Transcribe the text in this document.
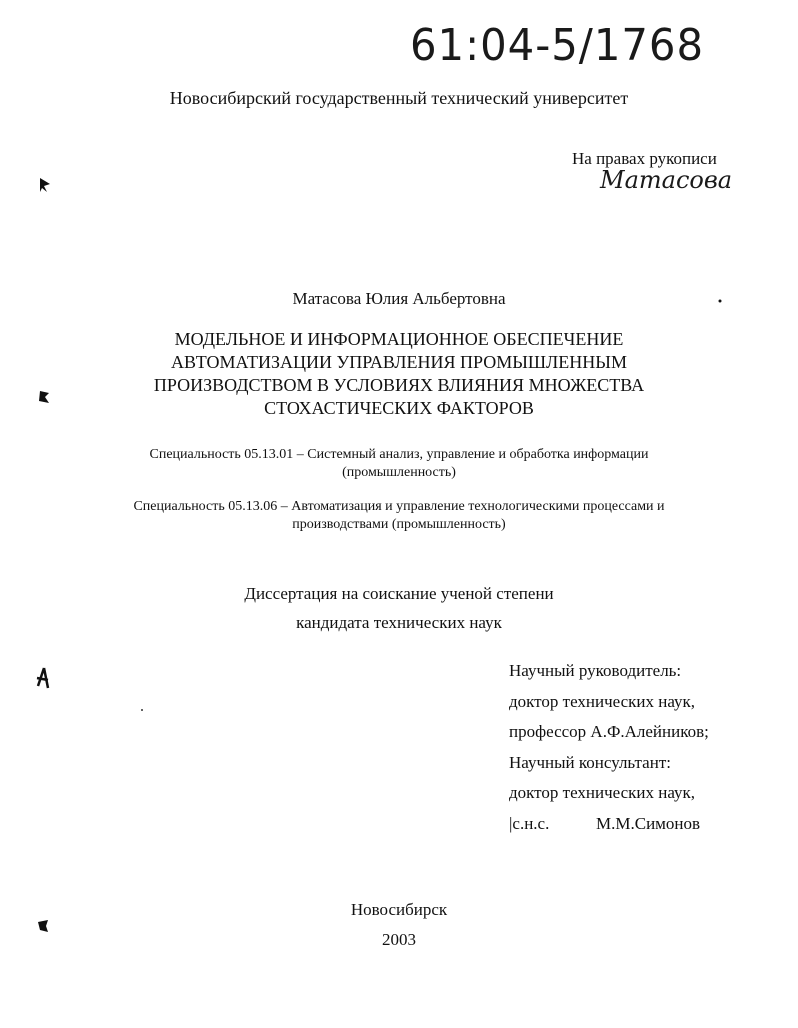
61:04-5/1768
Новосибирский государственный технический университет
На правах рукописи
Матасова
Матасова Юлия Альбертовна
МОДЕЛЬНОЕ И ИНФОРМАЦИОННОЕ ОБЕСПЕЧЕНИЕ
АВТОМАТИЗАЦИИ УПРАВЛЕНИЯ ПРОМЫШЛЕННЫМ
ПРОИЗВОДСТВОМ В УСЛОВИЯХ ВЛИЯНИЯ МНОЖЕСТВА
СТОХАСТИЧЕСКИХ ФАКТОРОВ
Специальность 05.13.01 – Системный анализ, управление и обработка информации
(промышленность)
Специальность 05.13.06 – Автоматизация и управление технологическими процессами и
производствами (промышленность)
Диссертация на соискание ученой степени
кандидата технических наук
Научный руководитель:
доктор технических наук,
профессор А.Ф.Алейников;
Научный консультант:
доктор технических наук,
|с.н.с.	М.М.Симонов
Новосибирск
2003
